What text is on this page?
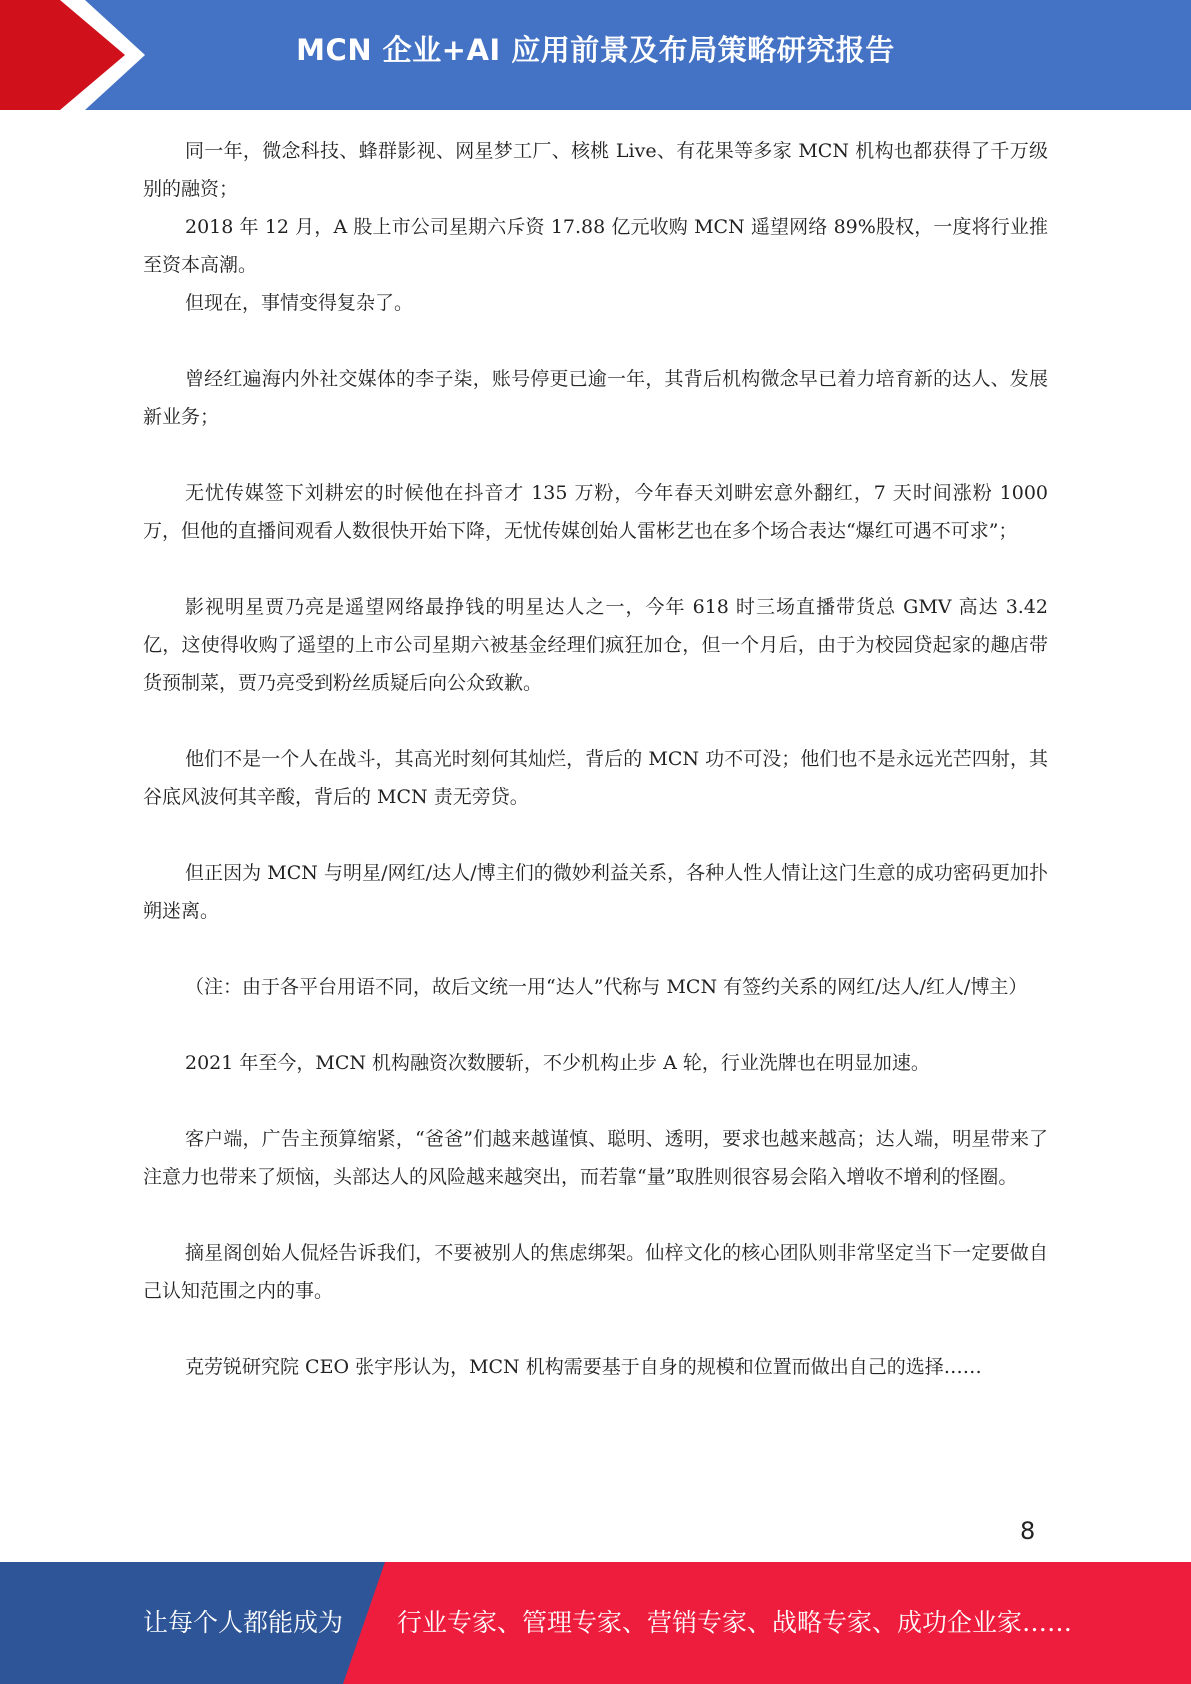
MCN 企业+AI 应用前景及布局策略研究报告

同一年，微念科技、蜂群影视、网星梦工厂、核桃 Live、有花果等多家 MCN 机构也都获得了千万级别的融资；

2018 年 12 月，A 股上市公司星期六斥资 17.88 亿元收购 MCN 遥望网络 89%股权，一度将行业推至资本高潮。

但现在，事情变得复杂了。

曾经红遍海内外社交媒体的李子柒，账号停更已逾一年，其背后机构微念早已着力培育新的达人、发展新业务；

无忧传媒签下刘耕宏的时候他在抖音才 135 万粉，今年春天刘畊宏意外翻红，7 天时间涨粉 1000 万，但他的直播间观看人数很快开始下降，无忧传媒创始人雷彬艺也在多个场合表达“爆红可遇不可求”；

影视明星贾乃亮是遥望网络最挣钱的明星达人之一，今年 618 时三场直播带货总 GMV 高达 3.42 亿，这使得收购了遥望的上市公司星期六被基金经理们疯狂加仓，但一个月后，由于为校园贷起家的趣店带货预制菜，贾乃亮受到粉丝质疑后向公众致歉。

他们不是一个人在战斗，其高光时刻何其灿烂，背后的 MCN 功不可没；他们也不是永远光芒四射，其谷底风波何其辛酸，背后的 MCN 责无旁贷。

但正因为 MCN 与明星/网红/达人/博主们的微妙利益关系，各种人性人情让这门生意的成功密码更加扑朔迷离。

（注：由于各平台用语不同，故后文统一用“达人”代称与 MCN 有签约关系的网红/达人/红人/博主）

2021 年至今，MCN 机构融资次数腰斩，不少机构止步 A 轮，行业洗牌也在明显加速。

客户端，广告主预算缩紧，“爸爸”们越来越谨慎、聪明、透明，要求也越来越高；达人端，明星带来了注意力也带来了烦恼，头部达人的风险越来越突出，而若靠“量”取胜则很容易会陷入增收不增利的怪圈。

摘星阁创始人侃烃告诉我们，不要被别人的焦虑绑架。仙梓文化的核心团队则非常坚定当下一定要做自己认知范围之内的事。

克劳锐研究院 CEO 张宇彤认为，MCN 机构需要基于自身的规模和位置而做出自己的选择……

8
让每个人都能成为 行业专家、管理专家、营销专家、战略专家、成功企业家……
